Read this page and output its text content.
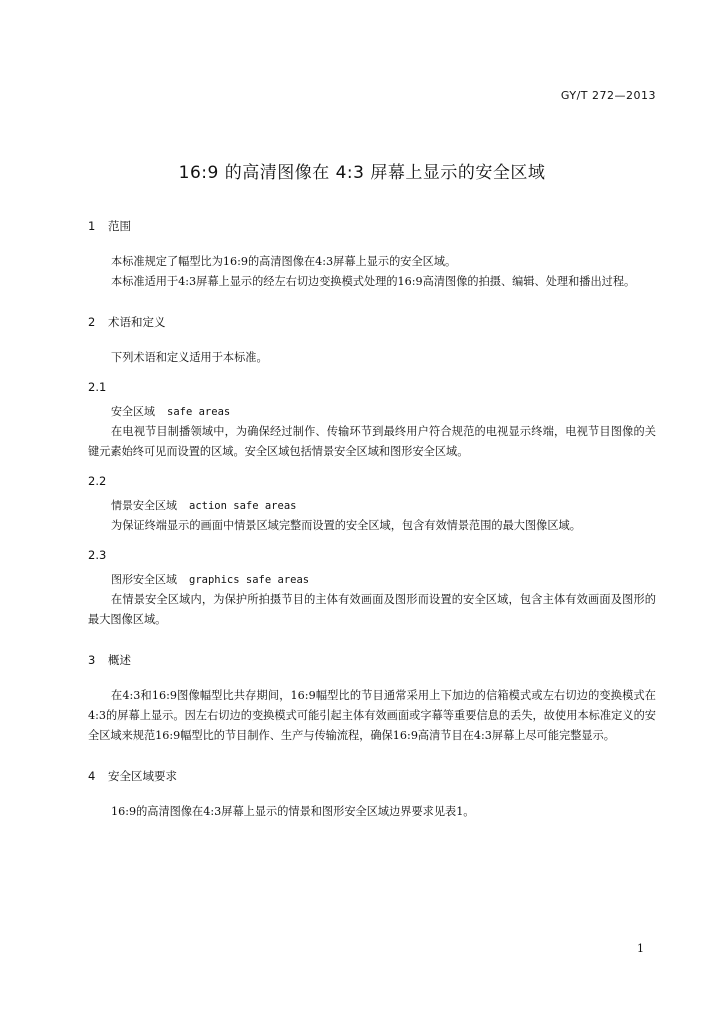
GY/T 272—2013
16:9 的高清图像在 4:3 屏幕上显示的安全区域
1 范围

本标准规定了幅型比为16:9的高清图像在4:3屏幕上显示的安全区域。

本标准适用于4:3屏幕上显示的经左右切边变换模式处理的16:9高清图像的拍摄、编辑、处理和播出过程。

2 术语和定义

下列术语和定义适用于本标准。

2.1

安全区域 safe areas

在电视节目制播领域中，为确保经过制作、传输环节到最终用户符合规范的电视显示终端，电视节目图像的关键元素始终可见而设置的区域。安全区域包括情景安全区域和图形安全区域。

2.2

情景安全区域 action safe areas

为保证终端显示的画面中情景区域完整而设置的安全区域，包含有效情景范围的最大图像区域。

2.3

图形安全区域 graphics safe areas

在情景安全区域内，为保护所拍摄节目的主体有效画面及图形而设置的安全区域，包含主体有效画面及图形的最大图像区域。

3 概述

在4:3和16:9图像幅型比共存期间，16:9幅型比的节目通常采用上下加边的信箱模式或左右切边的变换模式在4:3的屏幕上显示。因左右切边的变换模式可能引起主体有效画面或字幕等重要信息的丢失，故使用本标准定义的安全区域来规范16:9幅型比的节目制作、生产与传输流程，确保16:9高清节目在4:3屏幕上尽可能完整显示。

4 安全区域要求

16:9的高清图像在4:3屏幕上显示的情景和图形安全区域边界要求见表1。

1
